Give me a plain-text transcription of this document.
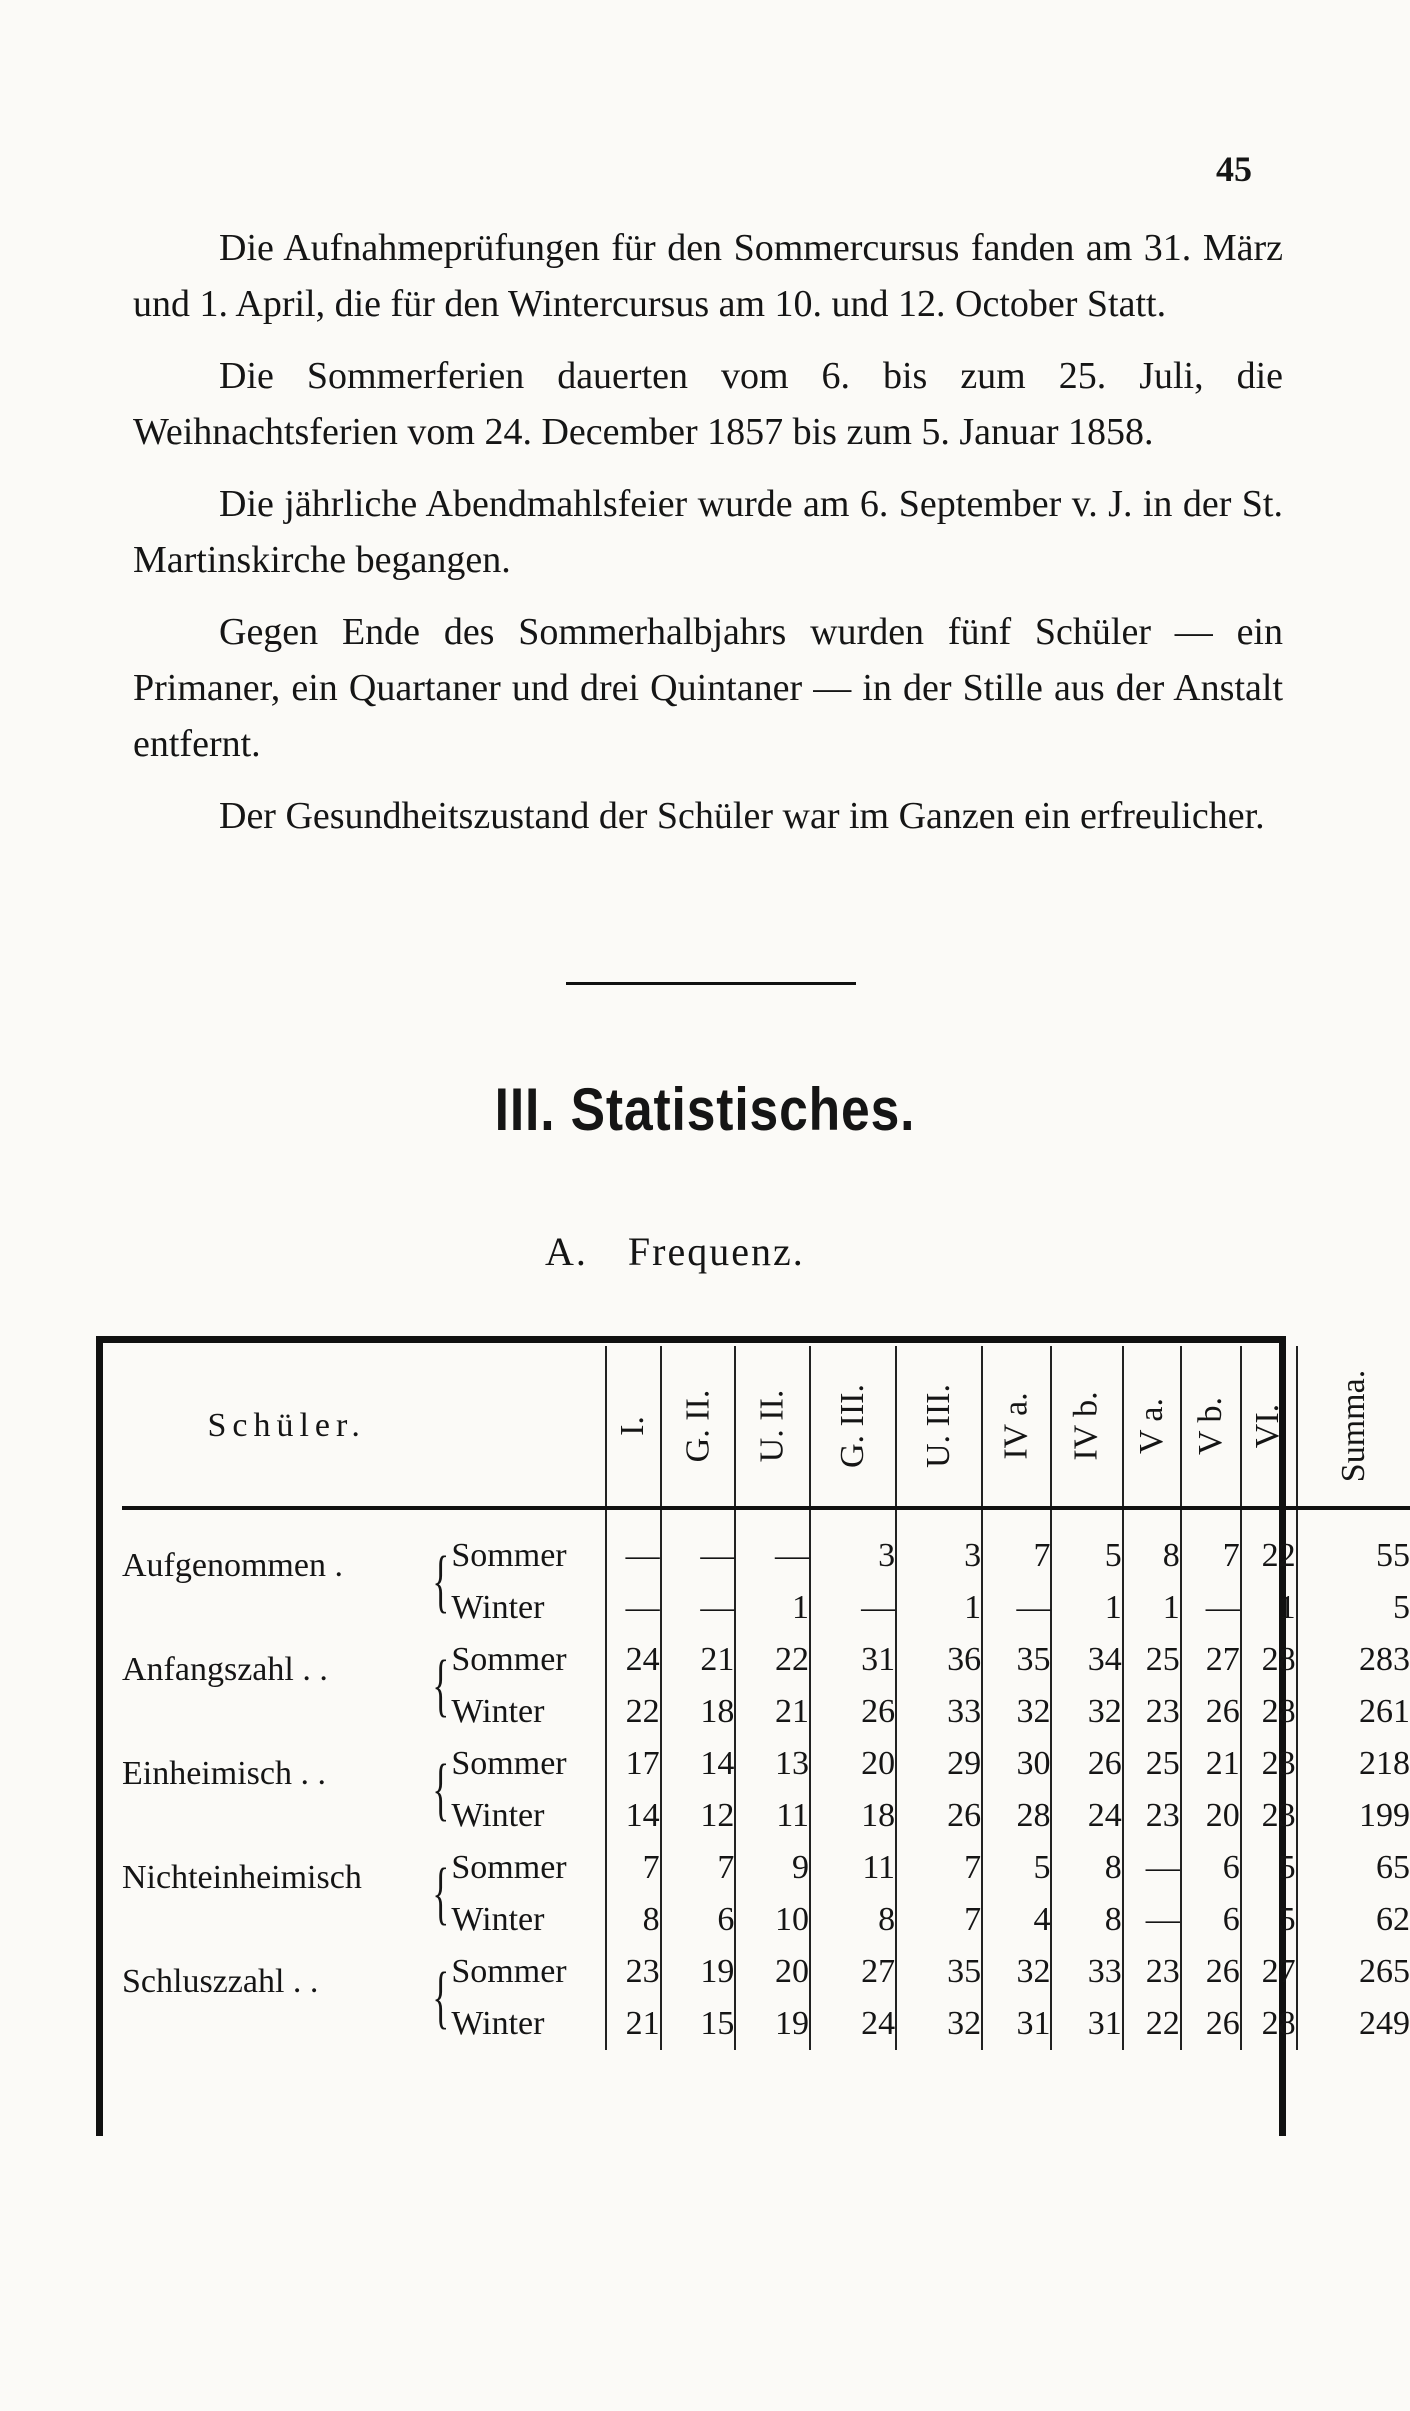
45

Die Aufnahmeprüfungen für den Sommercursus fanden am 31. März und 1. April, die für den Wintercursus am 10. und 12. October Statt.

Die Sommerferien dauerten vom 6. bis zum 25. Juli, die Weihnachtsferien vom 24. December 1857 bis zum 5. Januar 1858.

Die jährliche Abendmahlsfeier wurde am 6. September v. J. in der St. Martinskirche begangen.

Gegen Ende des Sommerhalbjahrs wurden fünf Schüler — ein Primaner, ein Quartaner und drei Quintaner — in der Stille aus der Anstalt entfernt.

Der Gesundheitszustand der Schüler war im Ganzen ein erfreulicher.

III. Statistisches.
A. Frequenz.
Schüler.		I.	G. II.	U. II.	G. III.	U. III.	IV a.	IV b.	V a.	V b.	VI.	Summa.

{
Aufgenommen .	Sommer	—	—	—	3	3	7	5	8	7	22	55
	Winter	—	—	1	—	1	—	1	1	—	1	5

{
Anfangszahl . .	Sommer	24	21	22	31	36	35	34	25	27	28	283
	Winter	22	18	21	26	33	32	32	23	26	28	261

{
Einheimisch . .	Sommer	17	14	13	20	29	30	26	25	21	23	218
	Winter	14	12	11	18	26	28	24	23	20	23	199

{
Nichteinheimisch	Sommer	7	7	9	11	7	5	8	—	6	5	65
	Winter	8	6	10	8	7	4	8	—	6	5	62

{
Schluszzahl . .	Sommer	23	19	20	27	35	32	33	23	26	27	265
	Winter	21	15	19	24	32	31	31	22	26	28	249
